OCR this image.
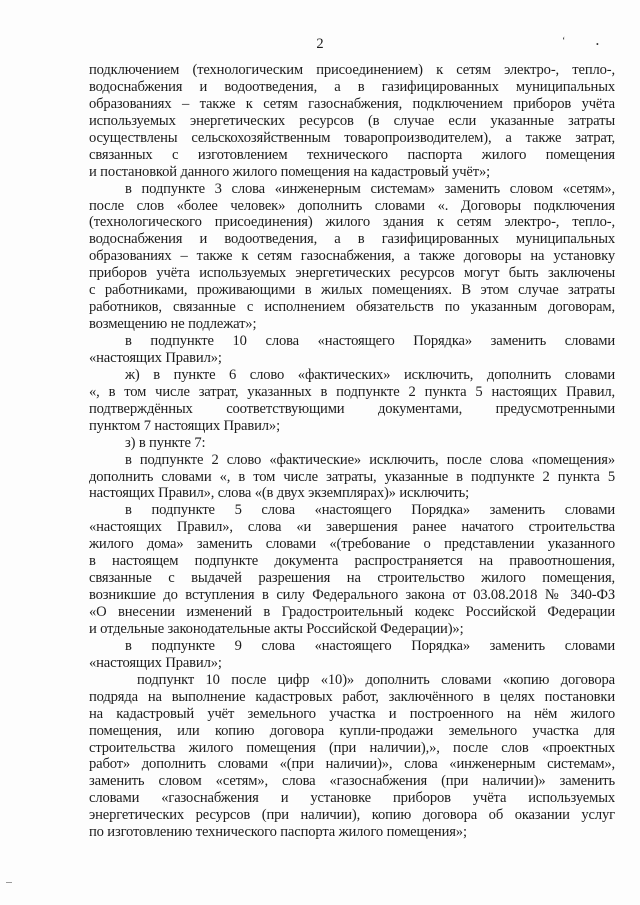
2	ʻ	•
подключением (технологическим присоединением) к сетям электро-, тепло-,
водоснабжения и водоотведения, а в газифицированных муниципальных
образованиях – также к сетям газоснабжения, подключением приборов учёта
используемых энергетических ресурсов (в случае если указанные затраты
осуществлены сельскохозяйственным товаропроизводителем), а также затрат,
связанных с изготовлением технического паспорта жилого помещения
и постановкой данного жилого помещения на кадастровый учёт»;
в подпункте 3 слова «инженерным системам» заменить словом «сетям»,
после слов «более человек» дополнить словами «. Договоры подключения
(технологического присоединения) жилого здания к сетям электро-, тепло-,
водоснабжения и водоотведения, а в газифицированных муниципальных
образованиях – также к сетям газоснабжения, а также договоры на установку
приборов учёта используемых энергетических ресурсов могут быть заключены
с работниками, проживающими в жилых помещениях. В этом случае затраты
работников, связанные с исполнением обязательств по указанным договорам,
возмещению не подлежат»;
в подпункте 10 слова «настоящего Порядка» заменить словами
«настоящих Правил»;
ж) в пункте 6 слово «фактических» исключить, дополнить словами
«, в том числе затрат, указанных в подпункте 2 пункта 5 настоящих Правил,
подтверждённых соответствующими документами, предусмотренными
пунктом 7 настоящих Правил»;
з) в пункте 7:
в подпункте 2 слово «фактические» исключить, после слова «помещения»
дополнить словами «, в том числе затраты, указанные в подпункте 2 пункта 5
настоящих Правил», слова «(в двух экземплярах)» исключить;
в подпункте 5 слова «настоящего Порядка» заменить словами
«настоящих Правил», слова «и завершения ранее начатого строительства
жилого дома» заменить словами «(требование о представлении указанного
в настоящем подпункте документа распространяется на правоотношения,
связанные с выдачей разрешения на строительство жилого помещения,
возникшие до вступления в силу Федерального закона от 03.08.2018 № 340-ФЗ
«О внесении изменений в Градостроительный кодекс Российской Федерации
и отдельные законодательные акты Российской Федерации)»;
в подпункте 9 слова «настоящего Порядка» заменить словами
«настоящих Правил»;
подпункт 10 после цифр «10)» дополнить словами «копию договора
подряда на выполнение кадастровых работ, заключённого в целях постановки
на кадастровый учёт земельного участка и построенного на нём жилого
помещения, или копию договора купли-продажи земельного участка для
строительства жилого помещения (при наличии),», после слов «проектных
работ» дополнить словами «(при наличии)», слова «инженерным системам»,
заменить словом «сетям», слова «газоснабжения (при наличии)» заменить
словами «газоснабжения и установке приборов учёта используемых
энергетических ресурсов (при наличии), копию договора об оказании услуг
по изготовлению технического паспорта жилого помещения»;
